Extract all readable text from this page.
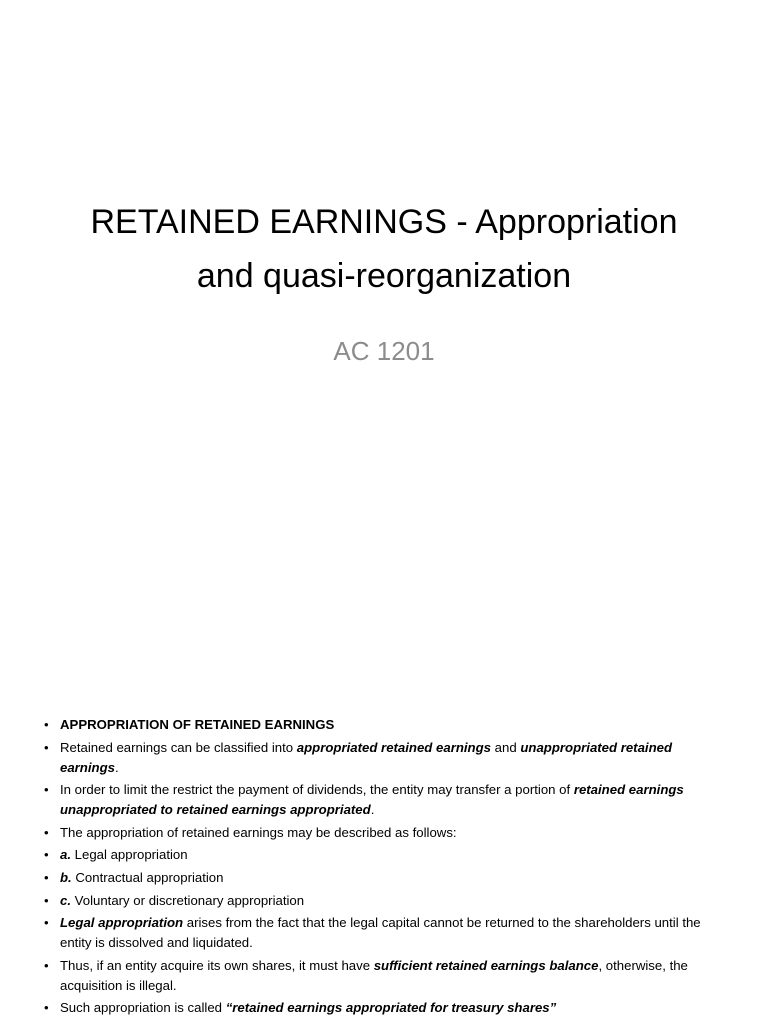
RETAINED EARNINGS - Appropriation
and quasi-reorganization
AC 1201
• APPROPRIATION OF RETAINED EARNINGS
• Retained earnings can be classified into appropriated retained earnings and unappropriated retained earnings.
• In order to limit the restrict the payment of dividends, the entity may transfer a portion of retained earnings unappropriated to retained earnings appropriated.
• The appropriation of retained earnings may be described as follows:
• a. Legal appropriation
• b. Contractual appropriation
• c. Voluntary or discretionary appropriation
• Legal appropriation arises from the fact that the legal capital cannot be returned to the shareholders until the entity is dissolved and liquidated.
• Thus, if an entity acquire its own shares, it must have sufficient retained earnings balance, otherwise, the acquisition is illegal.
• Such appropriation is called “retained earnings appropriated for treasury shares”
